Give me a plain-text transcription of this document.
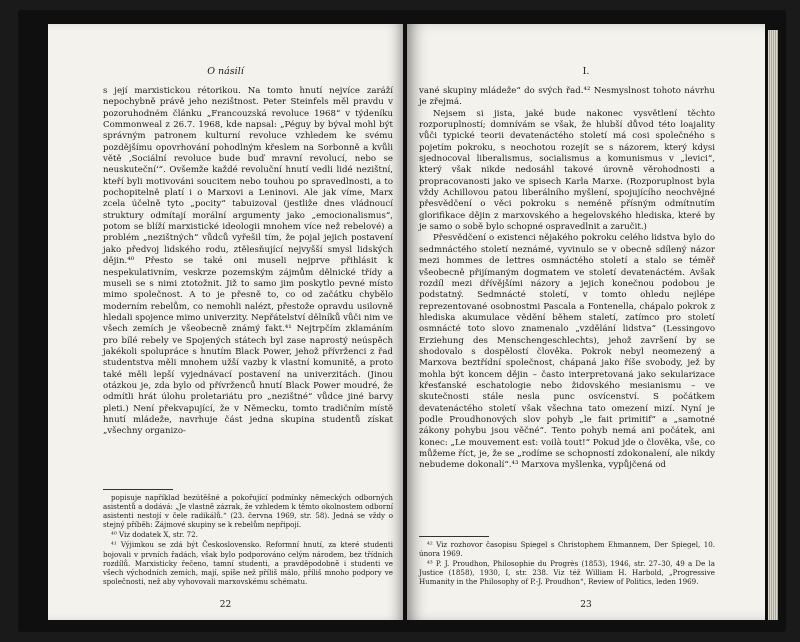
O násilí

s její marxistickou rétorikou. Na tomto hnutí nejvíce zaráží nepochybně právě jeho nezištnost. Peter Steinfels měl pravdu v pozoruhodném článku „Francouzská revoluce 1968“ v týdeníku Commonweal z 26.7. 1968, kde napsal: „Péguy by býval mohl být správným patronem kulturní revoluce vzhledem ke svému pozdějšímu opovrhování pohodlným křeslem na Sorbonně a kvůli větě ‚Sociální revoluce bude buď mravní revolucí, nebo se neuskuteční‘“. Ovšemže každé revoluční hnutí vedli lidé nezištní, kteří byli motivováni soucitem nebo touhou po spravedlnosti, a to pochopitelně platí i o Marxovi a Leninovi. Ale jak víme, Marx zcela účelně tyto „pocity“ tabuizoval (jestliže dnes vládnoucí struktury odmítají morální argumenty jako „emocionalismus“, potom se blíží marxistické ideologii mnohem více než rebelové) a problém „nezištných“ vůdců vyřešil tím, že pojal jejich postavení jako předvoj lidského rodu, ztělesňující nejvyšší smysl lidských dějin.⁴⁰ Přesto se také oni museli nejprve přihlásit k nespekulativním, veskrze pozemským zájmům dělnické třídy a museli se s nimi ztotožnit. Již to samo jim poskytlo pevné místo mimo společnost. A to je přesně to, co od začátku chybělo moderním rebelům, co nemohli nalézt, přestože opravdu usilovně hledali spojence mimo univerzity. Nepřátelství dělníků vůči nim ve všech zemích je všeobecně známý fakt.⁴¹ Nejtrpčím zklamáním pro bílé rebely ve Spojených státech byl zase naprostý neúspěch jakékoli spolupráce s hnutím Black Power, jehož přívrženci z řad studentstva měli mnohem užší vazby k vlastní komunitě, a proto také měli lepší vyjednávací postavení na univerzitách. (Jinou otázkou je, zda bylo od přívrženců hnutí Black Power moudré, že odmítli hrát úlohu proletariátu pro „nezištné“ vůdce jiné barvy pleti.) Není překvapující, že v Německu, tomto tradičním místě hnutí mládeže, navrhuje část jedna skupina studentů získat „všechny organizo-

popisuje například bezútěšné a pokořující podmínky německých odborných asistentů a dodává: „Je vlastně zázrak, že vzhledem k těmto okolnostem odborní asistenti nestojí v čele radikálů.“ (23. června 1969, str. 58). Jedná se vždy o stejný příběh: Zájmové skupiny se k rebelům nepřipojí.

⁴⁰ Viz dodatek X, str. 72.

⁴¹ Výjimkou se zdá být Československo. Reformní hnutí, za které studenti bojovali v prvních řadách, však bylo podporováno celým národem, bez třídních rozdílů. Marxisticky řečeno, tamní studenti, a pravděpodobně i studenti ve všech východních zemích, mají, spíše než příliš málo, příliš mnoho podpory ve společnosti, než aby vyhovovali marxovskému schématu.

22
I.

vané skupiny mládeže“ do svých řad.⁴² Nesmyslnost tohoto návrhu je zřejmá.

Nejsem si jista, jaké bude nakonec vysvětlení těchto rozporuplností; domnívám se však, že hlubší důvod této loajality vůči typické teorii devatenáctého století má cosi společného s pojetím pokroku, s neochotou rozejít se s názorem, který kdysi sjednocoval liberalismus, socialismus a komunismus v „levici“, který však nikde nedosáhl takové úrovně věrohodnosti a propracovanosti jako ve spisech Karla Marxe. (Rozporuplnost byla vždy Achillovou patou liberálního myšlení, spojujícího neochvějné přesvědčení o věci pokroku s neméně přísným odmítnutím glorifikace dějin z marxovského a hegelovského hlediska, které by je samo o sobě bylo schopné ospravedlnit a zaručit.)

Přesvědčení o existenci nějakého pokroku celého lidstva bylo do sedmnáctého století neznámé, vyvinulo se v obecně sdílený názor mezi hommes de lettres osmnáctého století a stalo se téměř všeobecně přijímaným dogmatem ve století devatenáctém. Avšak rozdíl mezi dřívějšími názory a jejich konečnou podobou je podstatný. Sedmnácté století, v tomto ohledu nejlépe reprezentované osobnostmi Pascala a Fontenella, chápalo pokrok z hlediska akumulace vědění během staletí, zatímco pro století osmnácté toto slovo znamenalo „vzdělání lidstva“ (Lessingovo Erziehung des Menschengeschlechts), jehož završení by se shodovalo s dospělostí člověka. Pokrok nebyl neomezený a Marxova beztřídní společnost, chápaná jako říše svobody, jež by mohla být koncem dějin – často interpretovaná jako sekularizace křesťanské eschatologie nebo židovského mesianismu – ve skutečnosti stále nesla punc osvícenství. S počátkem devatenáctého století však všechna tato omezení mizí. Nyní je podle Proudhonových slov pohyb „le fait primitif“ a „samotné zákony pohybu jsou věčné“. Tento pohyb nemá ani počátek, ani konec: „Le mouvement est: voilà tout!“ Pokud jde o člověka, vše, co můžeme říct, je, že se „rodíme se schopností zdokonalení, ale nikdy nebudeme dokonalí“.⁴³ Marxova myšlenka, vypůjčená od

⁴² Viz rozhovor časopisu Spiegel s Christophem Ehmannem, Der Spiegel, 10. února 1969.

⁴³ P. J. Proudhon, Philosophie du Progrès (1853), 1946, str. 27–30, 49 a De la Justice (1858), 1930, I, str. 238. Viz též William H. Harbold, „Progressive Humanity in the Philosophy of P.-J. Proudhon“, Review of Politics, leden 1969.

23
